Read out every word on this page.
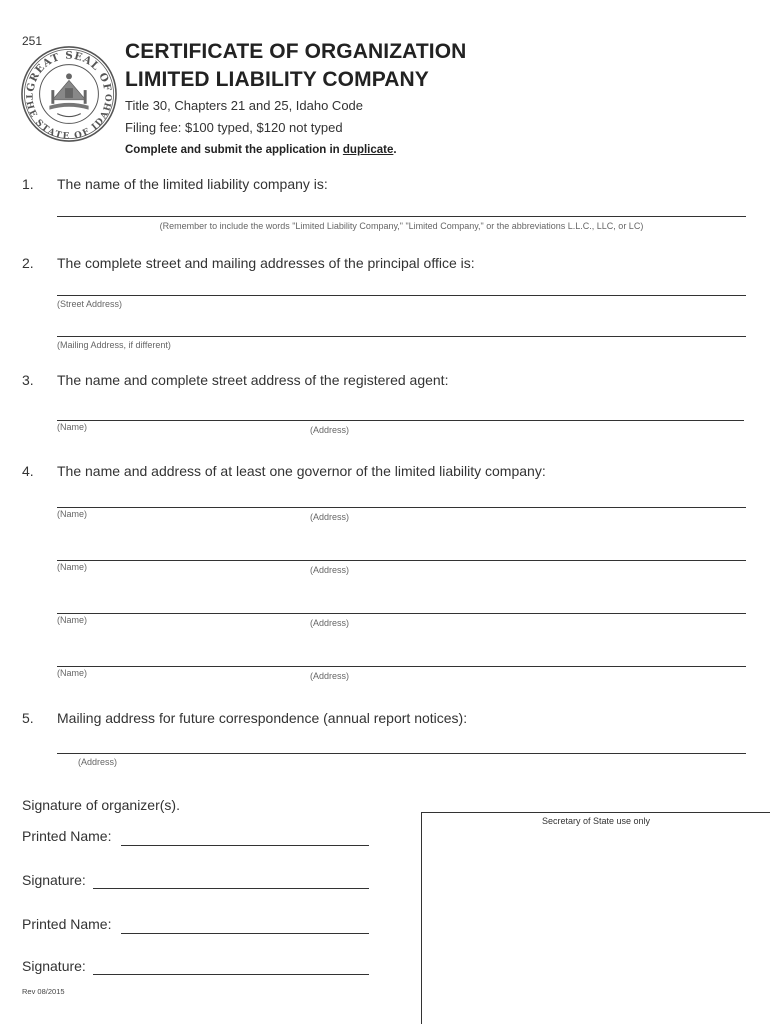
251
GREAT SEAL OF
THE STATE OF IDAHO
CERTIFICATE OF ORGANIZATION
LIMITED LIABILITY COMPANY
Title 30, Chapters 21 and 25, Idaho Code
Filing fee: $100 typed, $120 not typed
Complete and submit the application in duplicate.
1. The name of the limited liability company is:
(Remember to include the words "Limited Liability Company," "Limited Company," or the abbreviations L.L.C., LLC, or LC)
2. The complete street and mailing addresses of the principal office is:
(Street Address)
(Mailing Address, if different)
3. The name and complete street address of the registered agent:
(Name)	(Address)
4. The name and address of at least one governor of the limited liability company:
(Name)	(Address)
(Name)	(Address)
(Name)	(Address)
(Name)	(Address)
5. Mailing address for future correspondence (annual report notices):
(Address)
Signature of organizer(s).
Printed Name:
Signature:
Printed Name:
Signature:
Rev 08/2015
Secretary of State use only
